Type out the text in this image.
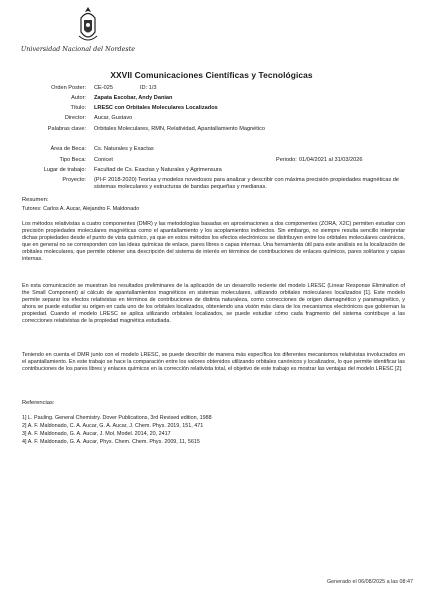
Universidad Nacional del Nordeste
XXVII Comunicaciones Científicas y Tecnológicas
Orden Poster: CE-025	ID: 1/3
Autor: Zapata Escobar, Andy Danian
Título: LRESC con Orbitales Moleculares Localizados
Director: Aucar, Gustavo
Palabras clave: Orbitales Moleculares, RMN, Relatividad, Apantallamiento Magnético
Área de Beca: Cs. Naturales y Exactas
Tipo Beca: Conicet	Periodo: 01/04/2021 al 31/03/2026
Lugar de trabajo: Facultad de Cs. Exactas y Naturales y Agrimensura
Proyecto: (PI-F 2018-2020) Teorías y modelos novedosos para analizar y describir con máxima precisión propiedades magnéticas de sistemas moleculares y estructuras de bandas pequeñas y medianas.
Resumen:
Tutores: Carlos A. Aucar, Alejandro F. Maldonado
Los métodos relativistas a cuatro componentes (DMR) y las metodologías basadas en aproximaciones a dos componentes (ZORA, X2C) permiten estudiar con precisión propiedades moleculares magnéticas como el apantallamiento y los acoplamientos indirectos. Sin embargo, no siempre resulta sencillo interpretar dichas propiedades desde el punto de vista químico, ya que en estos métodos los efectos electrónicos se distribuyen entre los orbitales moleculares canónicos, que en general no se corresponden con las ideas químicas de enlace, pares libres o capas internas. Una herramienta útil para este análisis es la localización de orbitales moleculares, que permite obtener una descripción del sistema de interés en términos de contribuciones de enlaces químicos, pares solitarios y capas internas.
En esta comunicación se muestran los resultados preliminares de la aplicación de un desarrollo reciente del modelo LRESC (Linear Response Elimination of the Small Component) al cálculo de apantallamientos magnéticos en sistemas moleculares, utilizando orbitales moleculares localizados [1]. Este modelo permite separar los efectos relativistas en términos de contribuciones de distinta naturaleza, como correcciones de origen diamagnético y paramagnético, y ahora se puede estudiar su origen en cada uno de los orbitales localizados, obteniendo una visión más clara de los mecanismos electrónicos que gobiernan la propiedad. Cuando el modelo LRESC se aplica utilizando orbitales localizados, se puede estudiar cómo cada fragmento del sistema contribuye a las correcciones relativistas de la propiedad magnética estudiada.
Teniendo en cuenta el DMR junto con el modelo LRESC, se puede describir de manera más específica los diferentes mecanismos relativistas involucrados en el apantallamiento. En este trabajo se hace la comparación entre los valores obtenidos utilizando orbitales canónicos y localizados, lo que permite identificar las contribuciones de los pares libres y enlaces químicos en la corrección relativista total, el objetivo de este trabajo es mostrar las ventajas del modelo LRESC [2].
Referencias:
1] L. Pauling. General Chemistry. Dover Publications, 3rd Revised edition, 1988
2] A. F. Maldonado, C. A. Aucar, G. A. Aucar, J. Chem. Phys. 2019, 151, 471
3] A. F. Maldonado, G. A. Aucar, J. Mol. Model. 2014, 20, 2417
4] A. F. Maldonado, G. A. Aucar, Phys. Chem. Chem. Phys. 2009, 11, 5615
Generado el 06/08/2025 a las 08:47
